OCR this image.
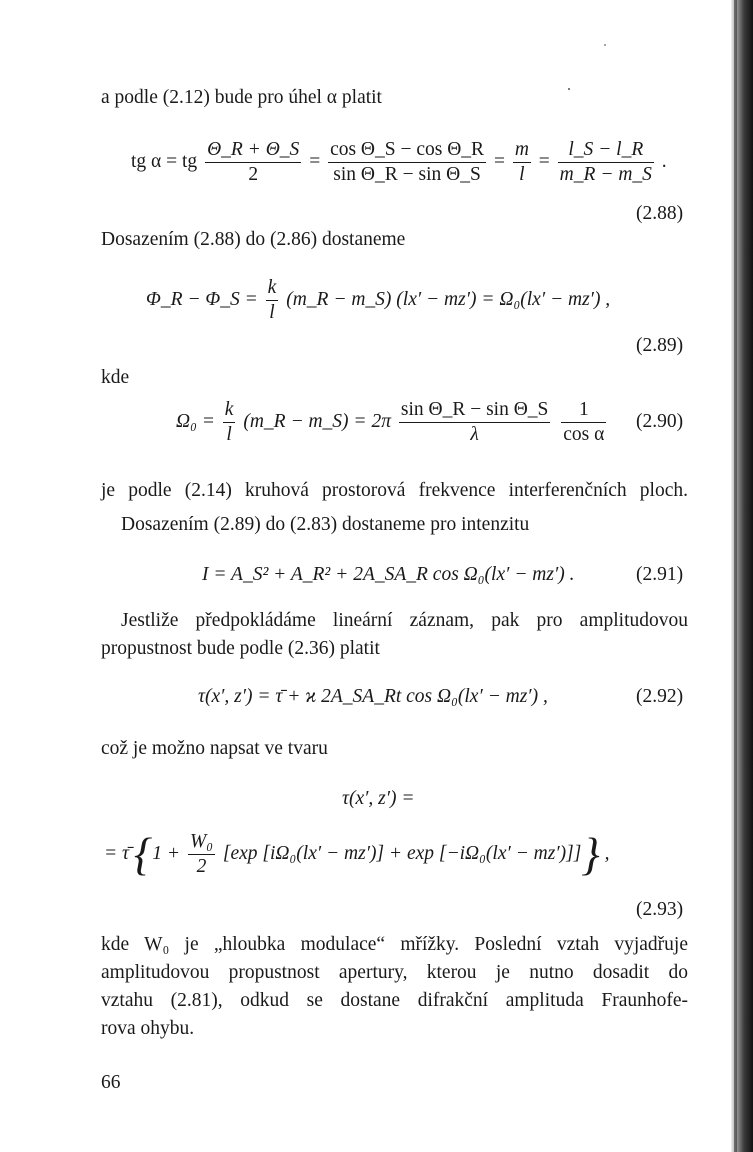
a podle (2.12) bude pro úhel α platit
tg α = tg $\frac{\Theta\_R + \Theta\_S}{2} = \frac{\text{cos Θ\_S − cos Θ\_R}}{\text{sin Θ\_R − sin Θ\_S}} = \frac{m}{l} = \frac{l\_S - l\_R}{m\_R - m\_S}$ .
(2.88)
Dosazením (2.88) do (2.86) dostaneme
Φ_R − Φ_S = $\frac{k}{l}$ (m_R − m_S) (lx′ − mz′) = Ω₀(lx′ − mz′) ,
(2.89)
kde
$\Omega_0 = \frac{k}{l}$ (m_R − m_S) = $2\pi \frac{\text{sin Θ\_R − sin Θ\_S}}{\lambda}$
$\frac{1}{\text{cos α}} (2.90)$
je podle (2.14) kruhová prostorová frekvence interferenčních ploch.
Dosazením (2.89) do (2.83) dostaneme pro intenzitu
I = A_S² + A_R² + 2A_SA_R cos Ω₀(lx′ − mz′) .	(2.91)
Jestliže předpokládáme lineární záznam, pak pro amplitudovou
propustnost bude podle (2.36) platit
τ(x′, z′) = τ̄ + ϰ 2A_SA_Rt cos Ω₀(lx′ − mz′) ,	(2.92)
což je možno napsat ve tvaru
τ(x′, z′) =
= τ̄ {$1 + \frac{\text{W₀}}{2} [\exp$ [iΩ₀(lx′ − mz′)] + exp [−iΩ₀(lx′ − mz′)]]} ,
(2.93)
kde W₀ je „hloubka modulace“ mřížky. Poslední vztah vyjadřuje
amplitudovou propustnost apertury, kterou je nutno dosadit do
vztahu (2.81), odkud se dostane difrakční amplituda Fraunhofe-
rova ohybu.
66
